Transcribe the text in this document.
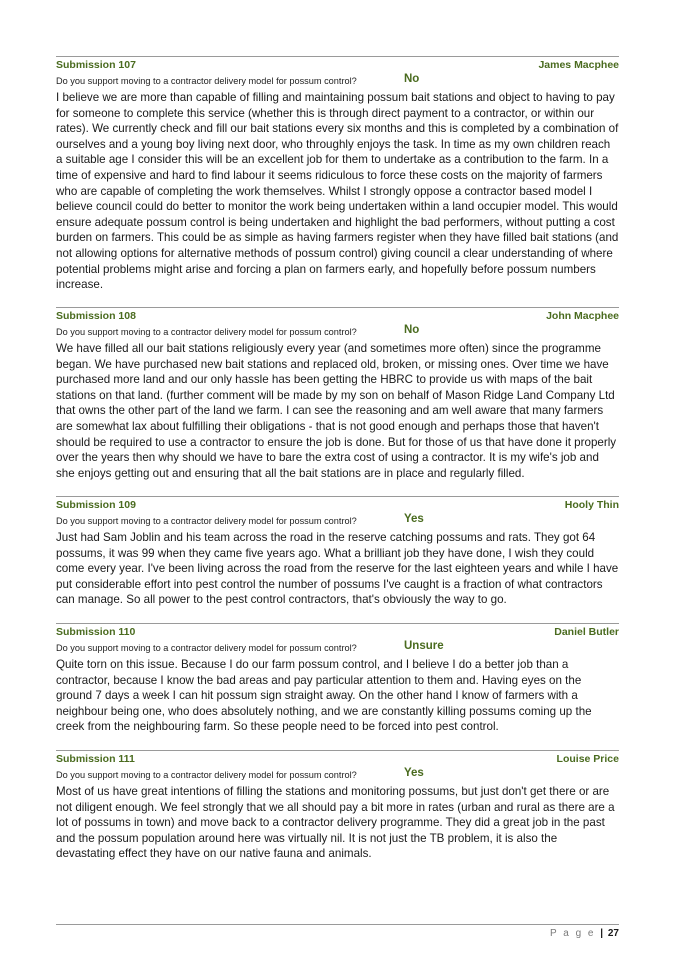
Submission 107	James Macphee
Do you support moving to a contractor delivery model for possum control?	No

I believe we are more than capable of filling and maintaining possum bait stations and object to having to pay for someone to complete this service (whether this is through direct payment to a contractor, or within our rates). We currently check and fill our bait stations every six months and this is completed by a combination of ourselves and a young boy living next door, who throughly enjoys the task. In time as my own children reach a suitable age I consider this will be an excellent job for them to undertake as a contribution to the farm. In a time of expensive and hard to find labour it seems ridiculous to force these costs on the majority of farmers who are capable of completing the work themselves. Whilst I strongly oppose a contractor based model I believe council could do better to monitor the work being undertaken within a land occupier model. This would ensure adequate possum control is being undertaken and highlight the bad performers, without putting a cost burden on farmers. This could be as simple as having farmers register when they have filled bait stations (and not allowing options for alternative methods of possum control) giving council a clear understanding of where potential problems might arise and forcing a plan on farmers early, and hopefully before possum numbers increase.

Submission 108	John Macphee
Do you support moving to a contractor delivery model for possum control?	No

We have filled all our bait stations religiously every year (and sometimes more often) since the programme began. We have purchased new bait stations and replaced old, broken, or missing ones. Over time we have purchased more land and our only hassle has been getting the HBRC to provide us with maps of the bait stations on that land. (further comment will be made by my son on behalf of Mason Ridge Land Company Ltd that owns the other part of the land we farm. I can see the reasoning and am well aware that many farmers are somewhat lax about fulfilling their obligations - that is not good enough and perhaps those that haven't should be required to use a contractor to ensure the job is done. But for those of us that have done it properly over the years then why should we have to bare the extra cost of using a contractor. It is my wife's job and she enjoys getting out and ensuring that all the bait stations are in place and regularly filled.

Submission 109	Hooly Thin
Do you support moving to a contractor delivery model for possum control?	Yes

Just had Sam Joblin and his team across the road in the reserve catching possums and rats. They got 64 possums, it was 99 when they came five years ago. What a brilliant job they have done, I wish they could come every year. I've been living across the road from the reserve for the last eighteen years and while I have put considerable effort into pest control the number of possums I've caught is a fraction of what contractors can manage. So all power to the pest control contractors, that's obviously the way to go.

Submission 110	Daniel Butler
Do you support moving to a contractor delivery model for possum control?	Unsure

Quite torn on this issue. Because I do our farm possum control, and I believe I do a better job than a contractor, because I know the bad areas and pay particular attention to them and. Having eyes on the ground 7 days a week I can hit possum sign straight away. On the other hand I know of farmers with a neighbour being one, who does absolutely nothing, and we are constantly killing possums coming up the creek from the neighbouring farm. So these people need to be forced into pest control.

Submission 111	Louise Price
Do you support moving to a contractor delivery model for possum control?	Yes

Most of us have great intentions of filling the stations and monitoring possums, but just don't get there or are not diligent enough. We feel strongly that we all should pay a bit more in rates (urban and rural as there are a lot of possums in town) and move back to a contractor delivery programme. They did a great job in the past and the possum population around here was virtually nil. It is not just the TB problem, it is also the devastating effect they have on our native fauna and animals.

P a g e | 27
